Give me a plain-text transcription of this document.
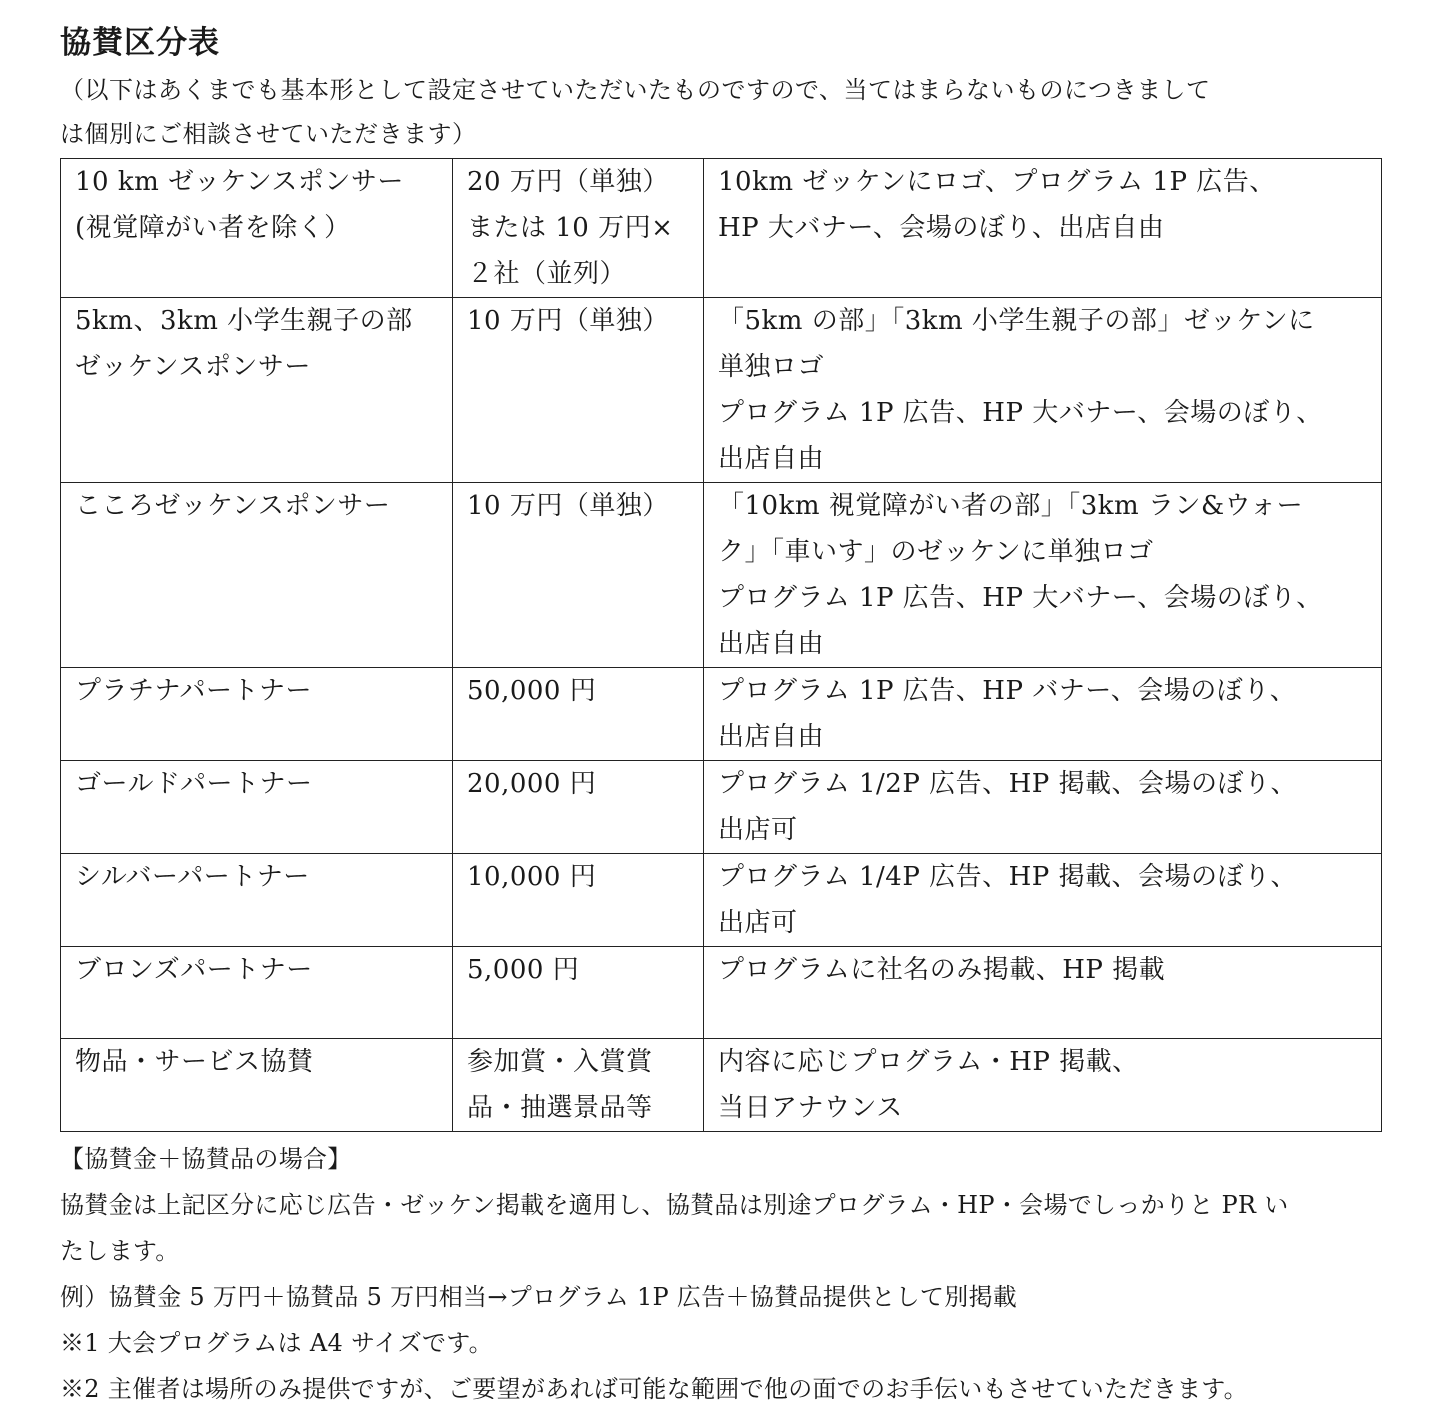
協賛区分表
（以下はあくまでも基本形として設定させていただいたものですので、当てはまらないものにつきまして
は個別にご相談させていただきます）
10 km ゼッケンスポンサー
(視覚障がい者を除く）	20 万円（単独）
または 10 万円×
２社（並列）	10km ゼッケンにロゴ、プログラム 1P 広告、
HP 大バナー、会場のぼり、出店自由

5km、3km 小学生親子の部
ゼッケンスポンサー	10 万円（単独）	「5km の部」「3km 小学生親子の部」ゼッケンに
単独ロゴ
プログラム 1P 広告、HP 大バナー、会場のぼり、
出店自由

こころゼッケンスポンサー	10 万円（単独）	「10km 視覚障がい者の部」「3km ラン&ウォー
ク」「車いす」のゼッケンに単独ロゴ
プログラム 1P 広告、HP 大バナー、会場のぼり、
出店自由

プラチナパートナー	50,000 円	プログラム 1P 広告、HP バナー、会場のぼり、
出店自由

ゴールドパートナー	20,000 円	プログラム 1/2P 広告、HP 掲載、会場のぼり、
出店可

シルバーパートナー	10,000 円	プログラム 1/4P 広告、HP 掲載、会場のぼり、
出店可

ブロンズパートナー	5,000 円	プログラムに社名のみ掲載、HP 掲載

物品・サービス協賛	参加賞・入賞賞
品・抽選景品等	内容に応じプログラム・HP 掲載、
当日アナウンス

【協賛金＋協賛品の場合】

協賛金は上記区分に応じ広告・ゼッケン掲載を適用し、協賛品は別途プログラム・HP・会場でしっかりと PR い
たします。

例）協賛金 5 万円＋協賛品 5 万円相当→プログラム 1P 広告＋協賛品提供として別掲載

※1 大会プログラムは A4 サイズです。

※2 主催者は場所のみ提供ですが、ご要望があれば可能な範囲で他の面でのお手伝いもさせていただきます。
